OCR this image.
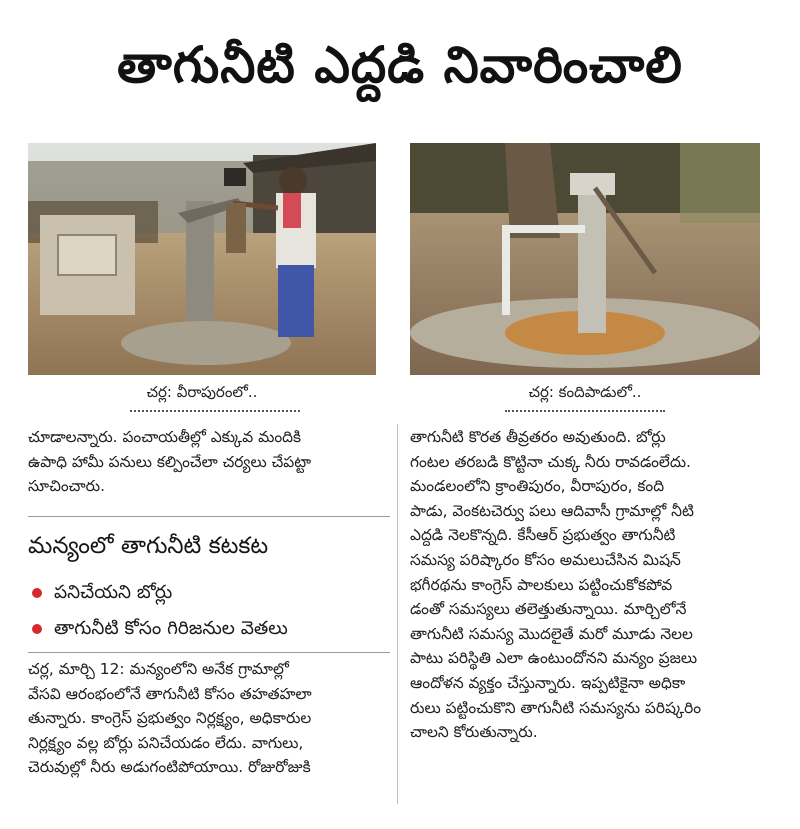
తాగునీటి ఎద్దడి నివారించాలి
చర్ల: వీరాపురంలో..	చర్ల: కందిపాడులో..
చూడాలన్నారు. పంచాయతీల్లో ఎక్కువ మందికి
ఉపాధి హామీ పనులు కల్పించేలా చర్యలు చేపట్టా
సూచించారు.
మన్యంలో తాగునీటి కటకట
పనిచేయని బోర్లు
తాగునీటి కోసం గిరిజనుల వెతలు
చర్ల, మార్చి 12: మన్యంలోని అనేక గ్రామాల్లో
వేసవి ఆరంభంలోనే తాగునీటి కోసం తహతహలా
తున్నారు. కాంగ్రెస్ ప్రభుత్వం నిర్లక్ష్యం, అధికారుల
నిర్లక్ష్యం వల్ల బోర్లు పనిచేయడం లేదు. వాగులు,
చెరువుల్లో నీరు అడుగంటిపోయాయి. రోజురోజుకి
తాగునీటి కొరత తీవ్రతరం అవుతుంది. బోర్లు
గంటల తరబడి కొట్టినా చుక్క నీరు రావడంలేదు.
మండలంలోని క్రాంతిపురం, వీరాపురం, కంది
పాడు, వెంకటచెర్వు పలు ఆదివాసీ గ్రామాల్లో నీటి
ఎద్దడి నెలకొన్నది. కేసీఆర్ ప్రభుత్వం తాగునీటి
సమస్య పరిష్కారం కోసం అమలుచేసిన మిషన్
భగీరథను కాంగ్రెస్ పాలకులు పట్టించుకోకపోవ
డంతో సమస్యలు తలెత్తుతున్నాయి. మార్చిలోనే
తాగునీటి సమస్య మొదలైతే మరో మూడు నెలల
పాటు పరిస్థితి ఎలా ఉంటుందోనని మన్యం ప్రజలు
ఆందోళన వ్యక్తం చేస్తున్నారు. ఇప్పటికైనా అధికా
రులు పట్టించుకొని తాగునీటి సమస్యను పరిష్కరిం
చాలని కోరుతున్నారు.
